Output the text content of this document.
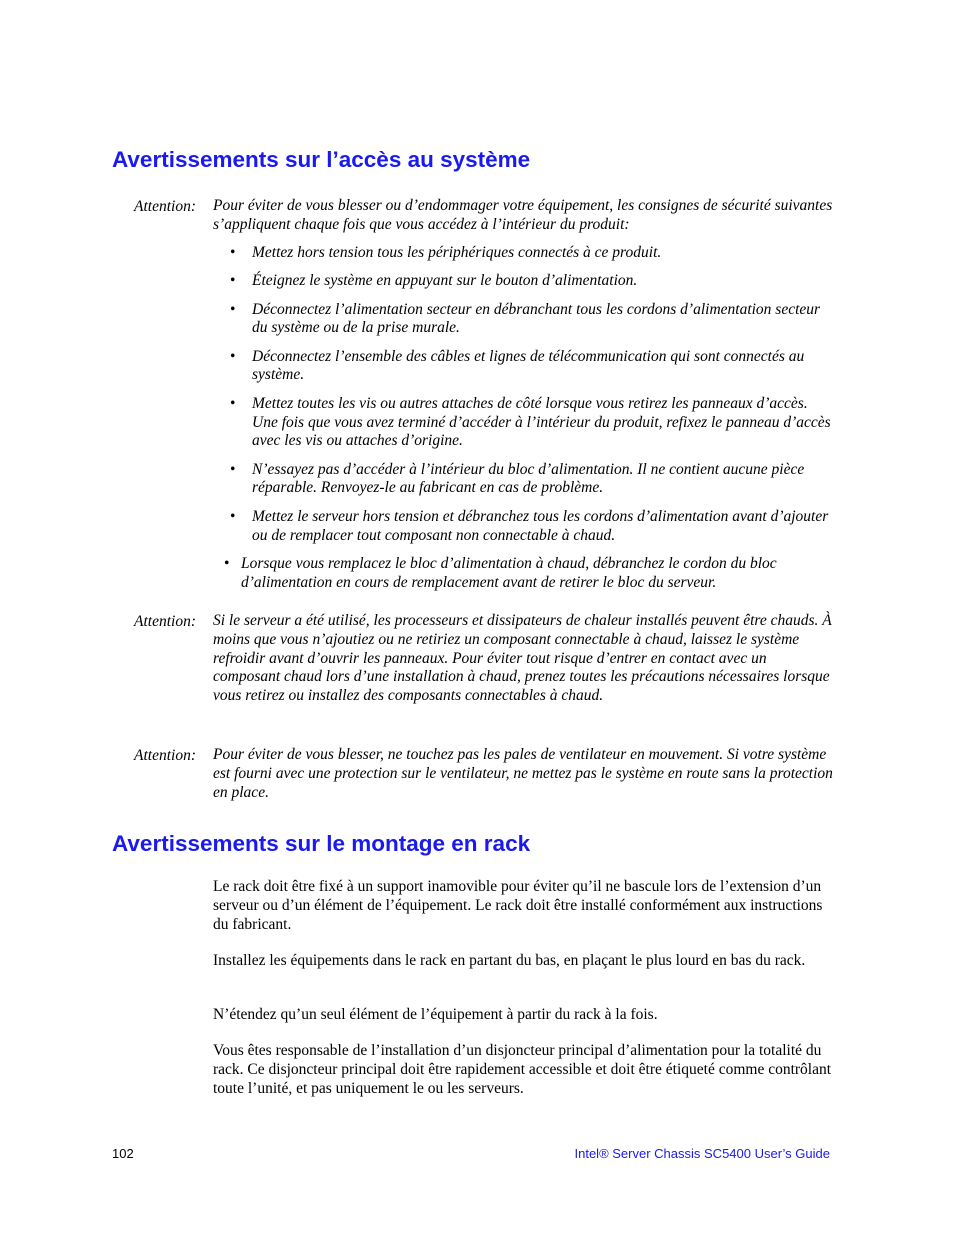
Avertissements sur l’accès au système
Attention: Pour éviter de vous blesser ou d’endommager votre équipement, les consignes de sécurité suivantes s’appliquent chaque fois que vous accédez à l’intérieur du produit:
• Mettez hors tension tous les périphériques connectés à ce produit.
• Éteignez le système en appuyant sur le bouton d’alimentation.
• Déconnectez l’alimentation secteur en débranchant tous les cordons d’alimentation secteur du système ou de la prise murale.
• Déconnectez l’ensemble des câbles et lignes de télécommunication qui sont connectés au système.
• Mettez toutes les vis ou autres attaches de côté lorsque vous retirez les panneaux d’accès. Une fois que vous avez terminé d’accéder à l’intérieur du produit, refixez le panneau d’accès avec les vis ou attaches d’origine.
• N’essayez pas d’accéder à l’intérieur du bloc d’alimentation. Il ne contient aucune pièce réparable. Renvoyez-le au fabricant en cas de problème.
• Mettez le serveur hors tension et débranchez tous les cordons d’alimentation avant d’ajouter ou de remplacer tout composant non connectable à chaud.
• Lorsque vous remplacez le bloc d’alimentation à chaud, débranchez le cordon du bloc d’alimentation en cours de remplacement avant de retirer le bloc du serveur.
Attention: Si le serveur a été utilisé, les processeurs et dissipateurs de chaleur installés peuvent être chauds. À moins que vous n’ajoutiez ou ne retiriez un composant connectable à chaud, laissez le système refroidir avant d’ouvrir les panneaux. Pour éviter tout risque d’entrer en contact avec un composant chaud lors d’une installation à chaud, prenez toutes les précautions nécessaires lorsque vous retirez ou installez des composants connectables à chaud.
Attention: Pour éviter de vous blesser, ne touchez pas les pales de ventilateur en mouvement. Si votre système est fourni avec une protection sur le ventilateur, ne mettez pas le système en route sans la protection en place.
Avertissements sur le montage en rack
Le rack doit être fixé à un support inamovible pour éviter qu’il ne bascule lors de l’extension d’un serveur ou d’un élément de l’équipement. Le rack doit être installé conformément aux instructions du fabricant.
Installez les équipements dans le rack en partant du bas, en plaçant le plus lourd en bas du rack.
N’étendez qu’un seul élément de l’équipement à partir du rack à la fois.
Vous êtes responsable de l’installation d’un disjoncteur principal d’alimentation pour la totalité du rack. Ce disjoncteur principal doit être rapidement accessible et doit être étiqueté comme contrôlant toute l’unité, et pas uniquement le ou les serveurs.
102	Intel® Server Chassis SC5400 User’s Guide
